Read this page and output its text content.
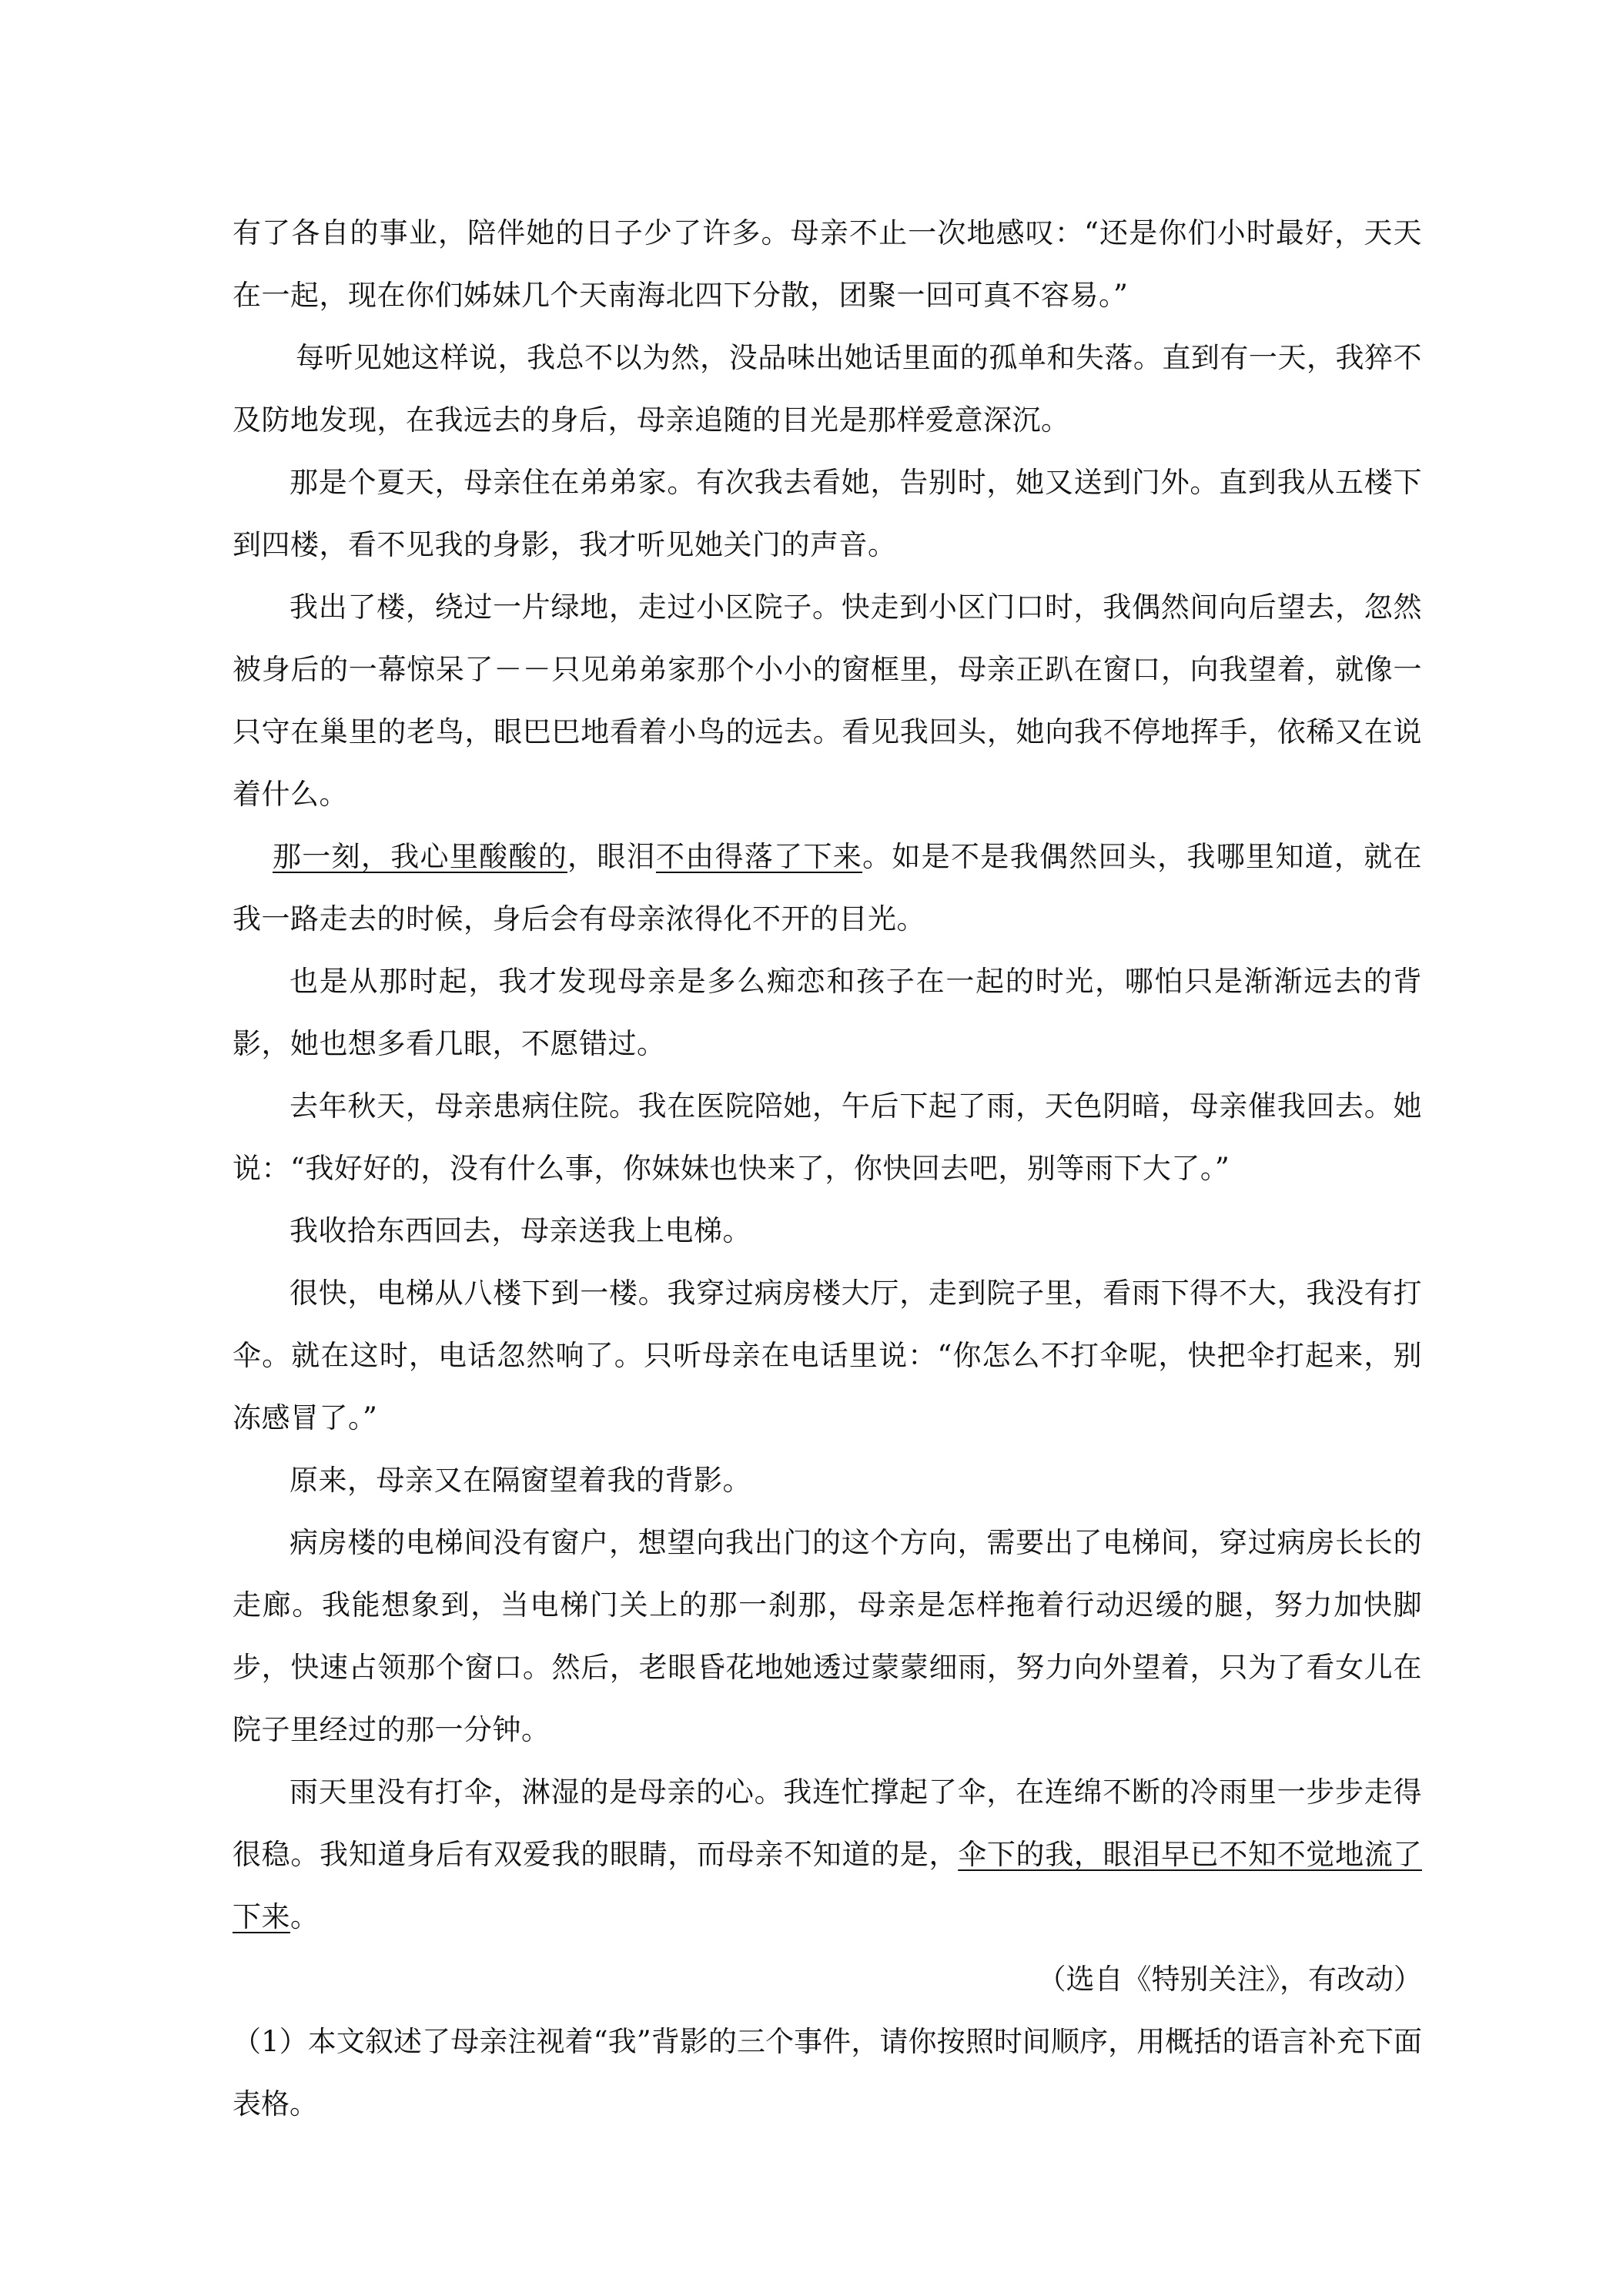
有了各自的事业，陪伴她的日子少了许多。母亲不止一次地感叹：“还是你们小时最好，天天在一起，现在你们姊妹几个天南海北四下分散，团聚一回可真不容易。”

每听见她这样说，我总不以为然，没品味出她话里面的孤单和失落。直到有一天，我猝不及防地发现，在我远去的身后，母亲追随的目光是那样爱意深沉。

那是个夏天，母亲住在弟弟家。有次我去看她，告别时，她又送到门外。直到我从五楼下到四楼，看不见我的身影，我才听见她关门的声音。

我出了楼，绕过一片绿地，走过小区院子。快走到小区门口时，我偶然间向后望去，忽然被身后的一幕惊呆了－－只见弟弟家那个小小的窗框里，母亲正趴在窗口，向我望着，就像一只守在巢里的老鸟，眼巴巴地看着小鸟的远去。看见我回头，她向我不停地挥手，依稀又在说着什么。

那一刻，我心里酸酸的，眼泪不由得落了下来。如是不是我偶然回头，我哪里知道，就在我一路走去的时候，身后会有母亲浓得化不开的目光。

也是从那时起，我才发现母亲是多么痴恋和孩子在一起的时光，哪怕只是渐渐远去的背影，她也想多看几眼，不愿错过。

去年秋天，母亲患病住院。我在医院陪她，午后下起了雨，天色阴暗，母亲催我回去。她说：“我好好的，没有什么事，你妹妹也快来了，你快回去吧，别等雨下大了。”

我收拾东西回去，母亲送我上电梯。

很快，电梯从八楼下到一楼。我穿过病房楼大厅，走到院子里，看雨下得不大，我没有打伞。就在这时，电话忽然响了。只听母亲在电话里说：“你怎么不打伞呢，快把伞打起来，别冻感冒了。”

原来，母亲又在隔窗望着我的背影。

病房楼的电梯间没有窗户，想望向我出门的这个方向，需要出了电梯间，穿过病房长长的走廊。我能想象到，当电梯门关上的那一刹那，母亲是怎样拖着行动迟缓的腿，努力加快脚步，快速占领那个窗口。然后，老眼昏花地她透过蒙蒙细雨，努力向外望着，只为了看女儿在院子里经过的那一分钟。

雨天里没有打伞，淋湿的是母亲的心。我连忙撑起了伞，在连绵不断的冷雨里一步步走得很稳。我知道身后有双爱我的眼睛，而母亲不知道的是，伞下的我，眼泪早已不知不觉地流了下来。

（选自《特别关注》，有改动）

（1）本文叙述了母亲注视着“我”背影的三个事件，请你按照时间顺序，用概括的语言补充下面表格。
